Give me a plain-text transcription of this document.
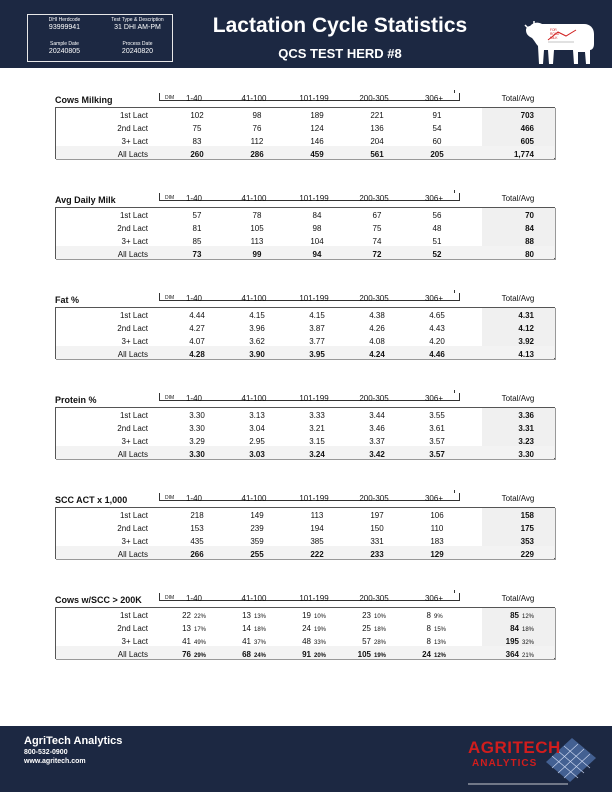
DHI Herdcode
93999941
Test Type & Description
31 DHI AM-PM
Sample Date
20240805
Process Date
20240820
Lactation Cycle Statistics
QCS TEST HERD #8
FOR
ROAD
MILK
Cows Milking	DIM	1-40	41-100	101-199	200-305	306+	Total/Avg
1st Lact	102	98	189	221	91	703
2nd Lact	75	76	124	136	54	466
3+ Lact	83	112	146	204	60	605
All Lacts	260	286	459	561	205	1,774
Avg Daily Milk	DIM	1-40	41-100	101-199	200-305	306+	Total/Avg
1st Lact	57	78	84	67	56	70
2nd Lact	81	105	98	75	48	84
3+ Lact	85	113	104	74	51	88
All Lacts	73	99	94	72	52	80
Fat %	DIM	1-40	41-100	101-199	200-305	306+	Total/Avg
1st Lact	4.44	4.15	4.15	4.38	4.65	4.31
2nd Lact	4.27	3.96	3.87	4.26	4.43	4.12
3+ Lact	4.07	3.62	3.77	4.08	4.20	3.92
All Lacts	4.28	3.90	3.95	4.24	4.46	4.13
Protein %	DIM	1-40	41-100	101-199	200-305	306+	Total/Avg
1st Lact	3.30	3.13	3.33	3.44	3.55	3.36
2nd Lact	3.30	3.04	3.21	3.46	3.61	3.31
3+ Lact	3.29	2.95	3.15	3.37	3.57	3.23
All Lacts	3.30	3.03	3.24	3.42	3.57	3.30
SCC ACT x 1,000	DIM	1-40	41-100	101-199	200-305	306+	Total/Avg
1st Lact	218	149	113	197	106	158
2nd Lact	153	239	194	150	110	175
3+ Lact	435	359	385	331	183	353
All Lacts	266	255	222	233	129	229
Cows w/SCC > 200K	DIM	1-40	41-100	101-199	200-305	306+	Total/Avg
1st Lact	22 22%	13 13%	19 10%	23 10%	8 9%	85 12%
2nd Lact	13 17%	14 18%	24 19%	25 18%	8 15%	84 18%
3+ Lact	41 49%	41 37%	48 33%	57 28%	8 13%	195 32%
All Lacts	76 29%	68 24%	91 20%	105 19%	24 12%	364 21%
AgriTech Analytics
800-532-0900
www.agritech.com
AGRITECH
ANALYTICS
